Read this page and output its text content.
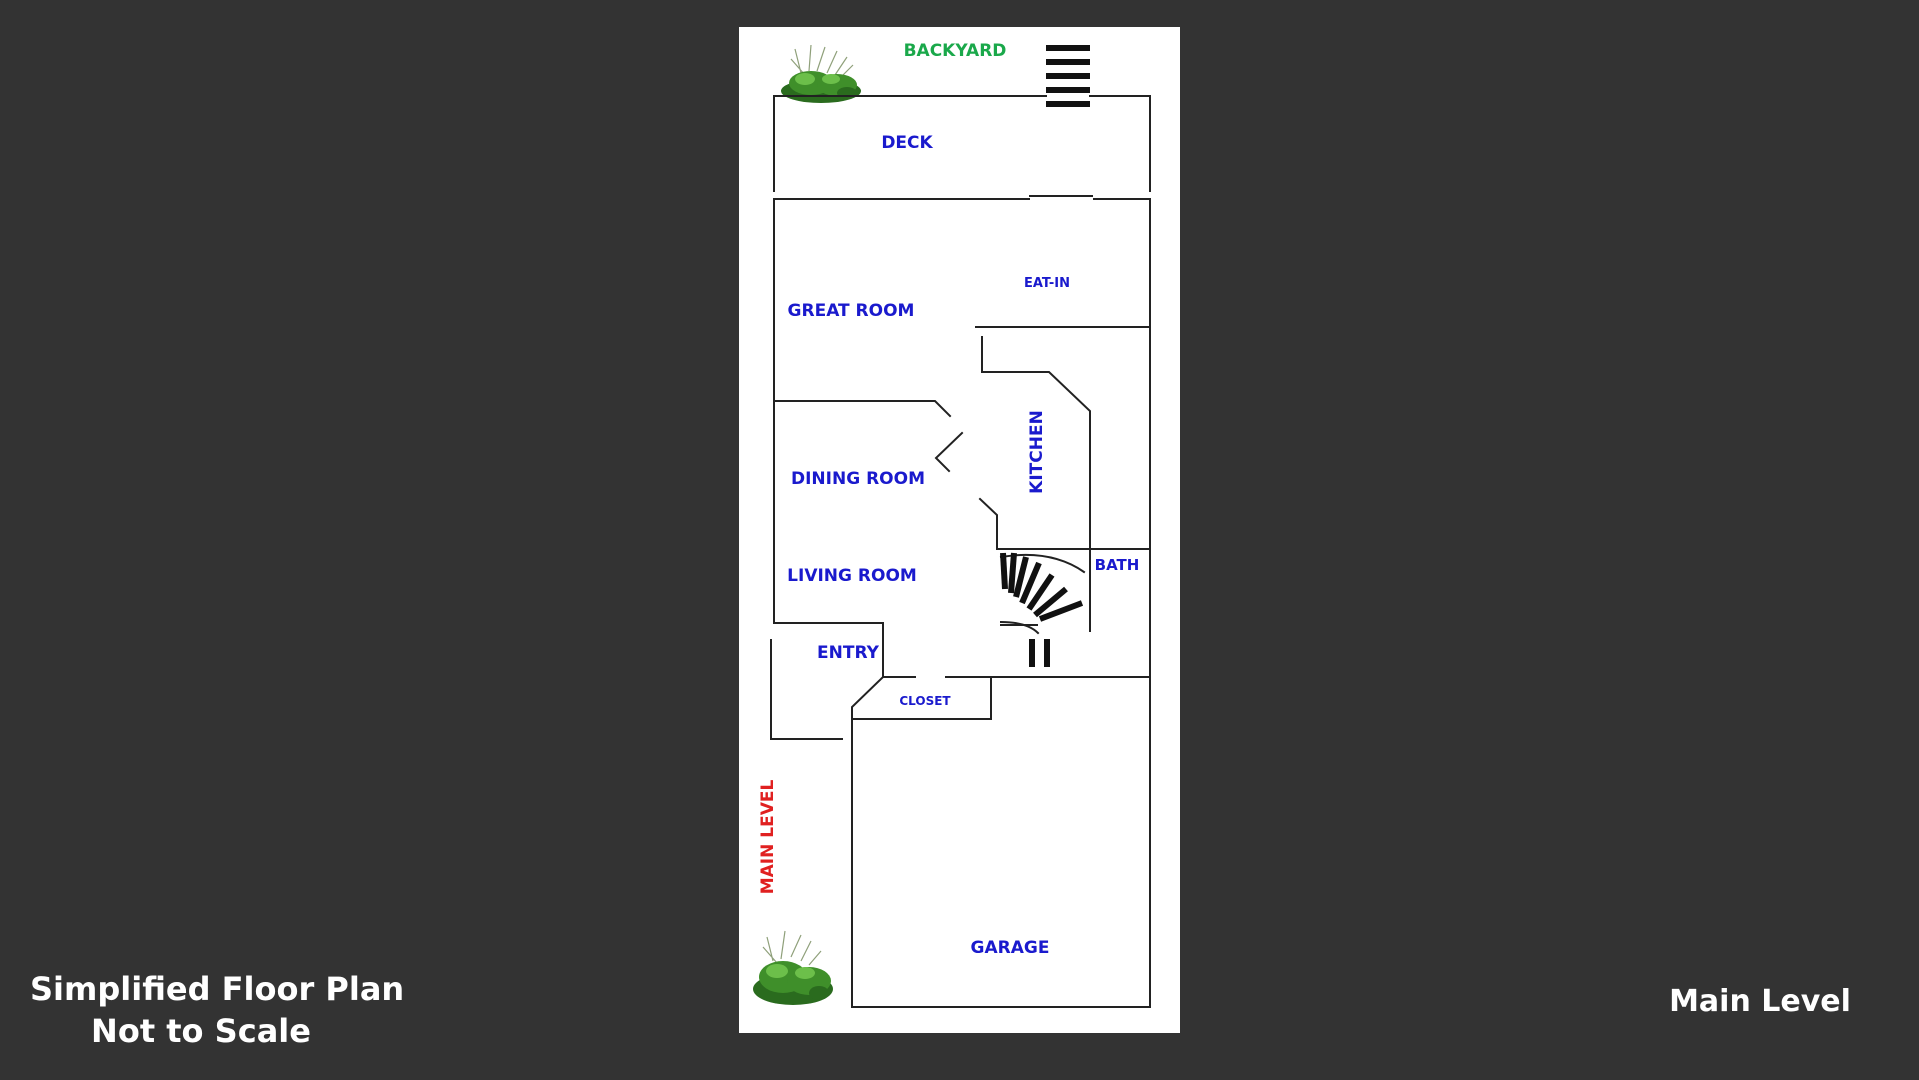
BACKYARD
DECK
GREAT ROOM
EAT-IN
KITCHEN
DINING ROOM
LIVING ROOM
BATH
ENTRY
CLOSET
GARAGE
MAIN LEVEL
Simplified Floor Plan
Not to Scale
Main Level
